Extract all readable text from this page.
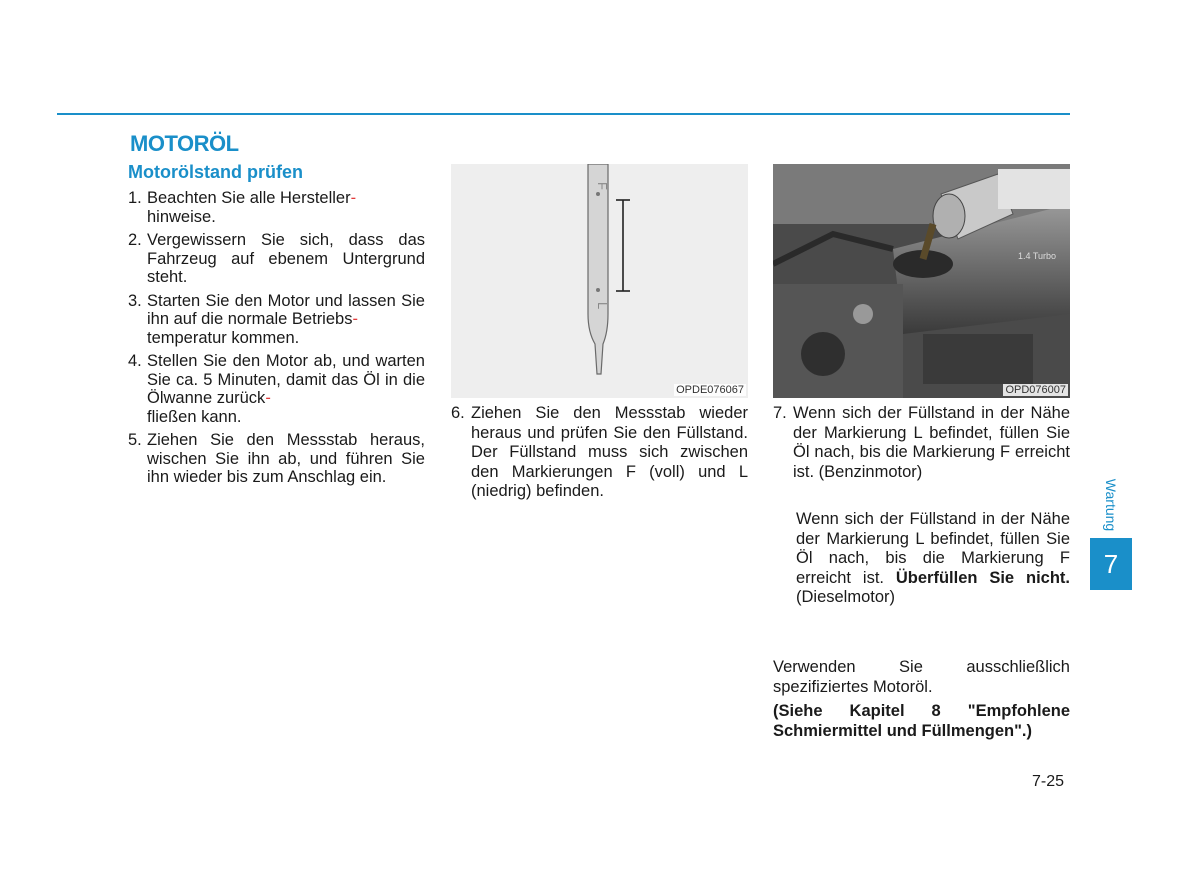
MOTORÖL
Motorölstand prüfen
1. Beachten Sie alle Hersteller-
hinweise.
2. Vergewissern Sie sich, dass das Fahrzeug auf ebenem Untergrund steht.
3. Starten Sie den Motor und lassen Sie ihn auf die normale Betriebs-
temperatur kommen.
4. Stellen Sie den Motor ab, und warten Sie ca. 5 Minuten, damit das Öl in die Ölwanne zurück-
fließen kann.
5. Ziehen Sie den Messstab heraus, wischen Sie ihn ab, und führen Sie ihn wieder bis zum Anschlag ein.
F
L
OPDE076067
1.4 Turbo
OPD076007
6. Ziehen Sie den Messstab wieder heraus und prüfen Sie den Füllstand. Der Füllstand muss sich zwischen den Markierungen F (voll) und L (niedrig) befinden.
7. Wenn sich der Füllstand in der Nähe der Markierung L befindet, füllen Sie Öl nach, bis die Markierung F erreicht ist. (Benzinmotor)

Wenn sich der Füllstand in der Nähe der Markierung L befindet, füllen Sie Öl nach, bis die Markierung F erreicht ist. Überfüllen Sie nicht. (Dieselmotor)

Verwenden Sie ausschließlich spezifiziertes Motoröl.

(Siehe Kapitel 8 "Empfohlene Schmiermittel und Füllmengen".)

7-25
Wartung
7
